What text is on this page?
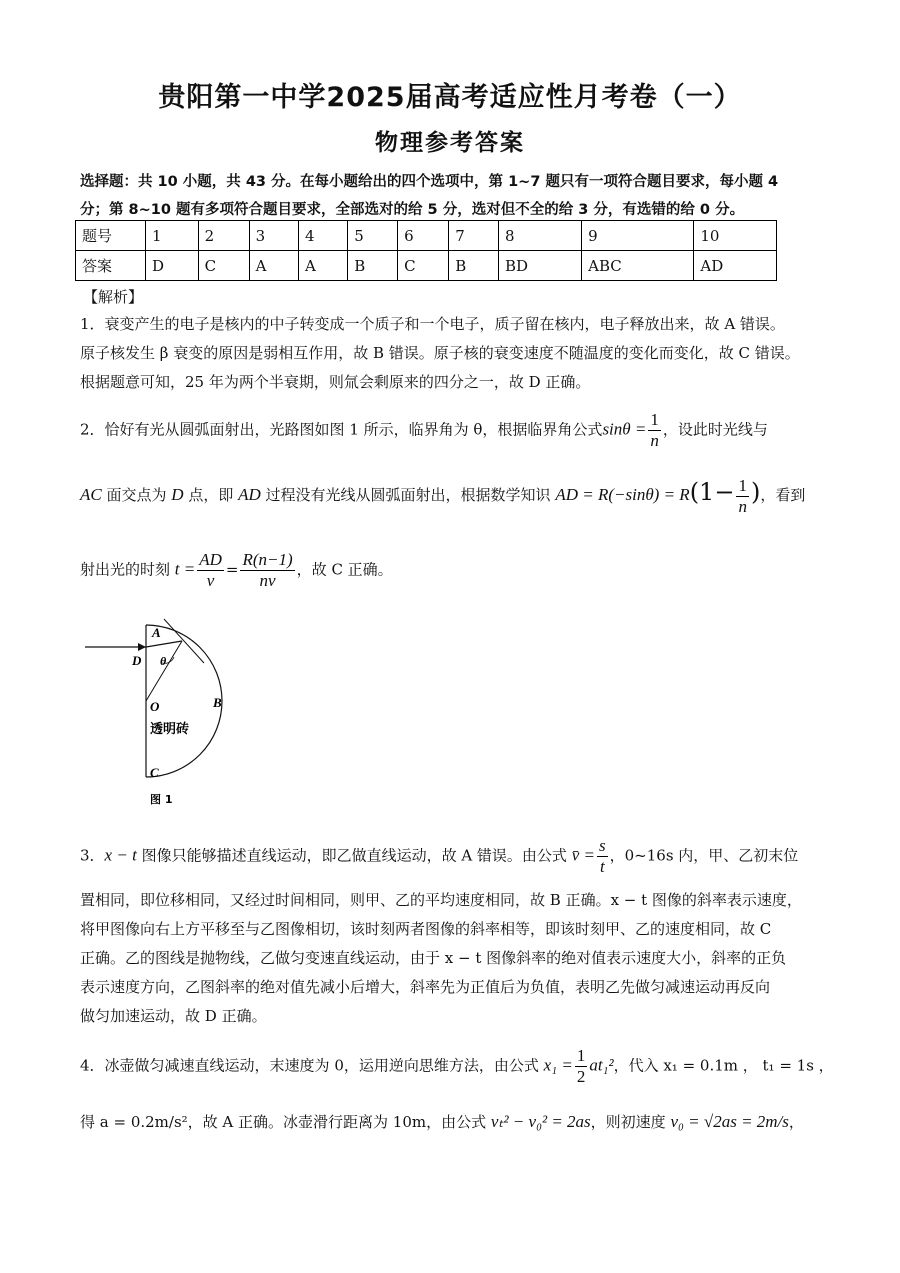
贵阳第一中学2025届高考适应性月考卷（一）
物理参考答案
选择题：共 10 小题，共 43 分。在每小题给出的四个选项中，第 1~7 题只有一项符合题目要求，每小题 4
分；第 8~10 题有多项符合题目要求，全部选对的给 5 分，选对但不全的给 3 分，有选错的给 0 分。
题号	1	2	3	4	5	6	7	8	9	10
答案	D	C	A	A	B	C	B	BD	ABC	AD
【解析】
1．衰变产生的电子是核内的中子转变成一个质子和一个电子，质子留在核内，电子释放出来，故 A 错误。
原子核发生 β 衰变的原因是弱相互作用，故 B 错误。原子核的衰变速度不随温度的变化而变化，故 C 错误。
根据题意可知，25 年为两个半衰期，则氚会剩原来的四分之一，故 D 正确。
2．恰好有光从圆弧面射出，光路图如图 1 所示，临界角为 θ，根据临界角公式$\sin\theta = \frac{1}{n}$ ，设此时光线与
AC 面交点为 D 点，即 AD 过程没有光线从圆弧面射出，根据数学知识 AD = $R(-\sin\theta) = R(1- \frac{1}{n}$ )，看到
射出光的时刻 $t = \frac{AD}{v} = \frac{R(n-1)}{nv}$ ，故 C 正确。
A
D θ
B
O
透明砖
C
图 1
3．x − t 图像只能够描述直线运动，即乙做直线运动，故 A 错误。由公式 v̄ = $\frac{s}{t}$ ，0~16s 内，甲、乙初末位
置相同，即位移相同，又经过时间相同，则甲、乙的平均速度相同，故 B 正确。x − t 图像的斜率表示速度，
将甲图像向右上方平移至与乙图像相切，该时刻两者图像的斜率相等，即该时刻甲、乙的速度相同，故 C
正确。乙的图线是抛物线，乙做匀变速直线运动，由于 x − t 图像斜率的绝对值表示速度大小，斜率的正负
表示速度方向，乙图斜率的绝对值先减小后增大，斜率先为正值后为负值，表明乙先做匀减速运动再反向
做匀加速运动，故 D 正确。
4．冰壶做匀减速直线运动，末速度为 0，运用逆向思维方法，由公式 $x_1 = \frac{1}{2} at_1^2$，代入 x₁ = 0.1m ， t₁ = 1s ，
得 a = 0.2m/s²，故 A 正确。冰壶滑行距离为 10m，由公式 vₜ² − v₀² = 2as，则初速度 v₀ = √2as = 2m/s，
